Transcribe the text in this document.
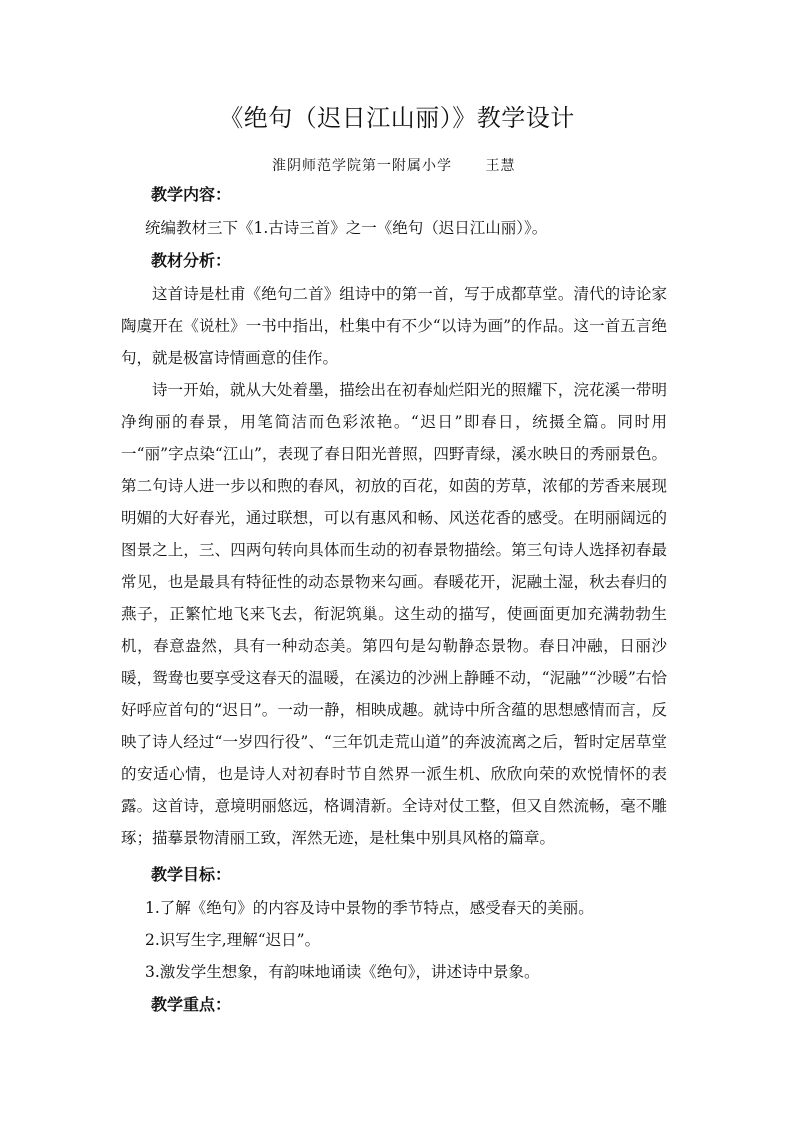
《绝句（迟日江山丽）》教学设计
淮阴师范学院第一附属小学 王慧

教学内容：

统编教材三下《1.古诗三首》之一《绝句（迟日江山丽）》。

教材分析：

这首诗是杜甫《绝句二首》组诗中的第一首，写于成都草堂。清代的诗论家陶虞开在《说杜》一书中指出，杜集中有不少“以诗为画”的作品。这一首五言绝句，就是极富诗情画意的佳作。

诗一开始，就从大处着墨，描绘出在初春灿烂阳光的照耀下，浣花溪一带明净绚丽的春景，用笔简洁而色彩浓艳。“迟日”即春日，统摄全篇。同时用一“丽”字点染“江山”，表现了春日阳光普照，四野青绿，溪水映日的秀丽景色。第二句诗人进一步以和煦的春风，初放的百花，如茵的芳草，浓郁的芳香来展现明媚的大好春光，通过联想，可以有惠风和畅、风送花香的感受。在明丽阔远的图景之上，三、四两句转向具体而生动的初春景物描绘。第三句诗人选择初春最常见，也是最具有特征性的动态景物来勾画。春暖花开，泥融土湿，秋去春归的燕子，正繁忙地飞来飞去，衔泥筑巢。这生动的描写，使画面更加充满勃勃生机，春意盎然，具有一种动态美。第四句是勾勒静态景物。春日冲融，日丽沙暖，鸳鸯也要享受这春天的温暖，在溪边的沙洲上静睡不动，“泥融”“沙暖”右恰好呼应首句的“迟日”。一动一静，相映成趣。就诗中所含蕴的思想感情而言，反映了诗人经过“一岁四行役”、“三年饥走荒山道”的奔波流离之后，暂时定居草堂的安适心情，也是诗人对初春时节自然界一派生机、欣欣向荣的欢悦情怀的表露。这首诗，意境明丽悠远，格调清新。全诗对仗工整，但又自然流畅，毫不雕琢；描摹景物清丽工致，浑然无迹，是杜集中别具风格的篇章。

教学目标：

1.了解《绝句》的内容及诗中景物的季节特点，感受春天的美丽。

2.识写生字,理解“迟日”。

3.激发学生想象，有韵味地诵读《绝句》，讲述诗中景象。

教学重点：
